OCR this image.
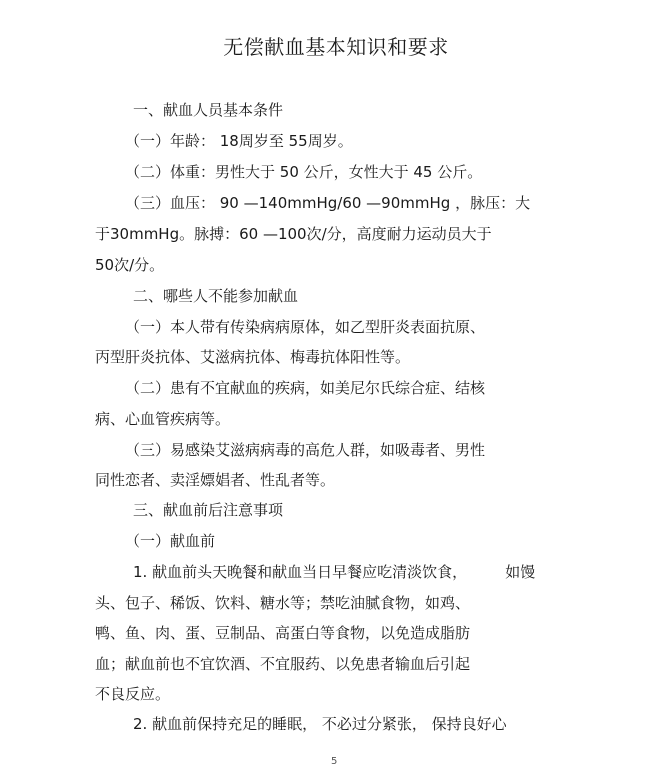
无偿献血基本知识和要求
一、献血人员基本条件
（一）年龄： 18周岁至 55周岁。
（二）体重：男性大于 50 公斤，女性大于 45 公斤。
（三）血压： 90 —140mmHg/60 —90mmHg ，脉压：大
于30mmHg。脉搏：60 —100次/分，高度耐力运动员大于
50次/分。
二、哪些人不能参加献血
（一）本人带有传染病病原体，如乙型肝炎表面抗原、
丙型肝炎抗体、艾滋病抗体、梅毒抗体阳性等。
（二）患有不宜献血的疾病，如美尼尔氏综合症、结核
病、心血管疾病等。
（三）易感染艾滋病病毒的高危人群，如吸毒者、男性
同性恋者、卖淫嫖娼者、性乱者等。
三、献血前后注意事项
（一）献血前
1. 献血前头天晚餐和献血当日早餐应吃清淡饮食，        如馒
头、包子、稀饭、饮料、糖水等；禁吃油腻食物，如鸡、
鸭、鱼、肉、蛋、豆制品、高蛋白等食物，以免造成脂肪
血；献血前也不宜饮酒、不宜服药、以免患者输血后引起
不良反应。
2. 献血前保持充足的睡眠， 不必过分紧张， 保持良好心
5
